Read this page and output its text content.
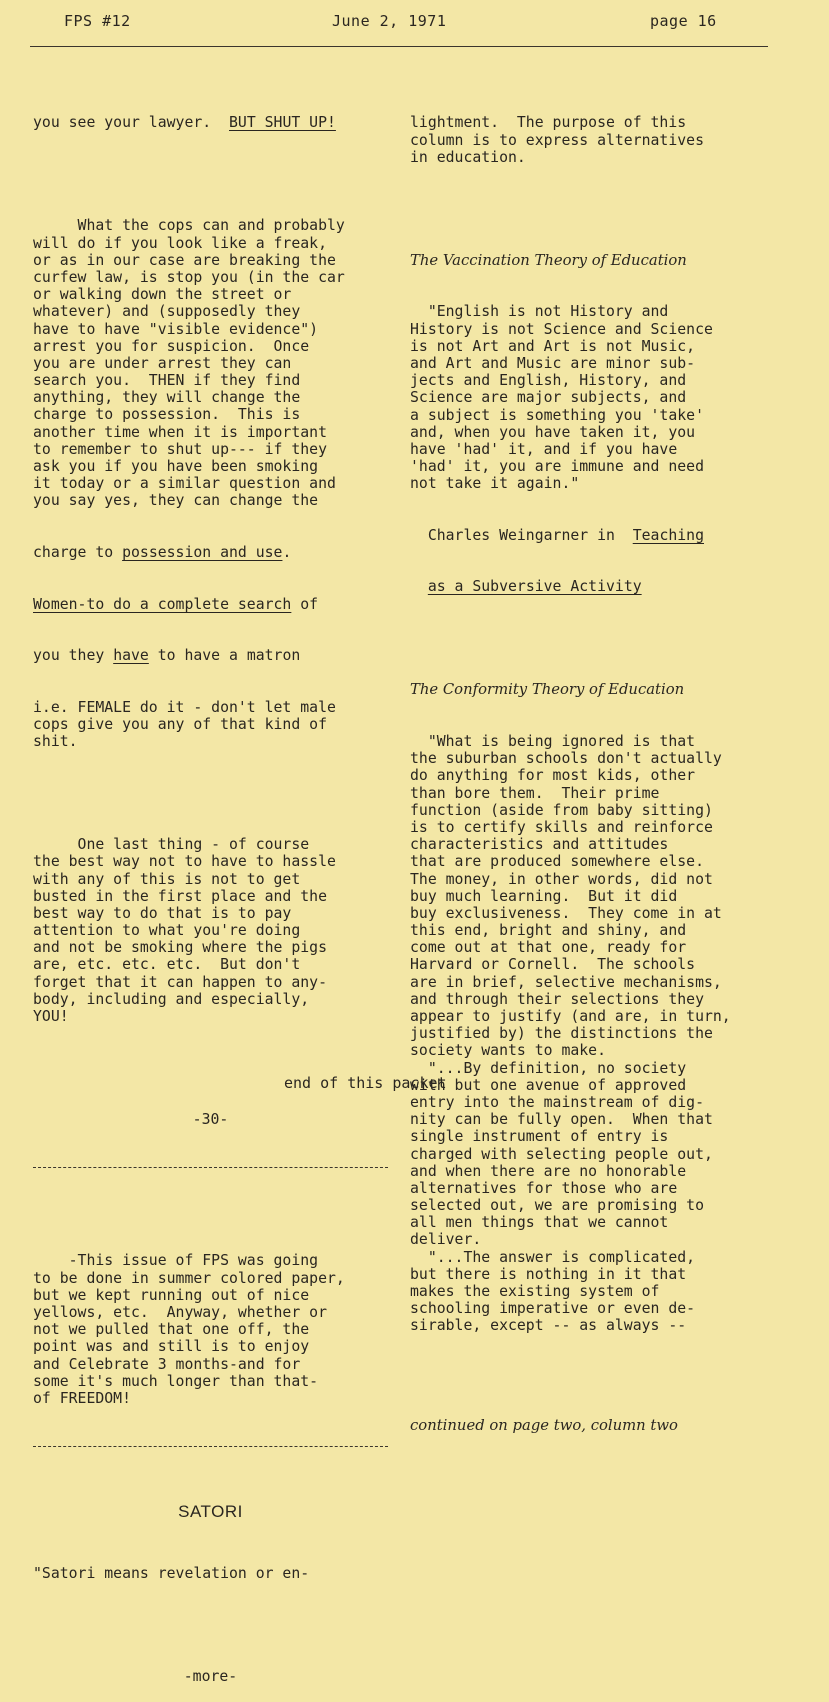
FPS #12	June 2, 1971	page 16

you see your lawyer.  BUT SHUT UP!

What the cops can and probably
will do if you look like a freak,
or as in our case are breaking the
curfew law, is stop you (in the car
or walking down the street or
whatever) and (supposedly they
have to have "visible evidence")
arrest you for suspicion.  Once
you are under arrest they can
search you.  THEN if they find
anything, they will change the
charge to possession.  This is
another time when it is important
to remember to shut up--- if they
ask you if you have been smoking
it today or a similar question and
you say yes, they can change the

charge to possession and use.

Women-to do a complete search of

you they have to have a matron

i.e. FEMALE do it - don't let male
cops give you any of that kind of
shit.

One last thing - of course
the best way not to have to hassle
with any of this is not to get
busted in the first place and the
best way to do that is to pay
attention to what you're doing
and not be smoking where the pigs
are, etc. etc. etc.  But don't
forget that it can happen to any-
body, including and especially,
YOU!

-30-

-This issue of FPS was going
to be done in summer colored paper,
but we kept running out of nice
yellows, etc.  Anyway, whether or
not we pulled that one off, the
point was and still is to enjoy
and Celebrate 3 months-and for
some it's much longer than that-
of FREEDOM!

SATORI

"Satori means revelation or en-

-more-

lightment.  The purpose of this
column is to express alternatives
in education.

The Vaccination Theory of Education

"English is not History and
History is not Science and Science
is not Art and Art is not Music,
and Art and Music are minor sub-
jects and English, History, and
Science are major subjects, and
a subject is something you 'take'
and, when you have taken it, you
have 'had' it, and if you have
'had' it, you are immune and need
not take it again."

Charles Weingarner in  Teaching

as a Subversive Activity

The Conformity Theory of Education

"What is being ignored is that
the suburban schools don't actually
do anything for most kids, other
than bore them.  Their prime
function (aside from baby sitting)
is to certify skills and reinforce
characteristics and attitudes
that are produced somewhere else.
The money, in other words, did not
buy much learning.  But it did
buy exclusiveness.  They come in at
this end, bright and shiny, and
come out at that one, ready for
Harvard or Cornell.  The schools
are in brief, selective mechanisms,
and through their selections they
appear to justify (and are, in turn,
justified by) the distinctions the
society wants to make.
"...By definition, no society
with but one avenue of approved
entry into the mainstream of dig-
nity can be fully open.  When that
single instrument of entry is
charged with selecting people out,
and when there are no honorable
alternatives for those who are
selected out, we are promising to
all men things that we cannot
deliver.
"...The answer is complicated,
but there is nothing in it that
makes the existing system of
schooling imperative or even de-
sirable, except -- as always --

continued on page two, column two

end of this packet
